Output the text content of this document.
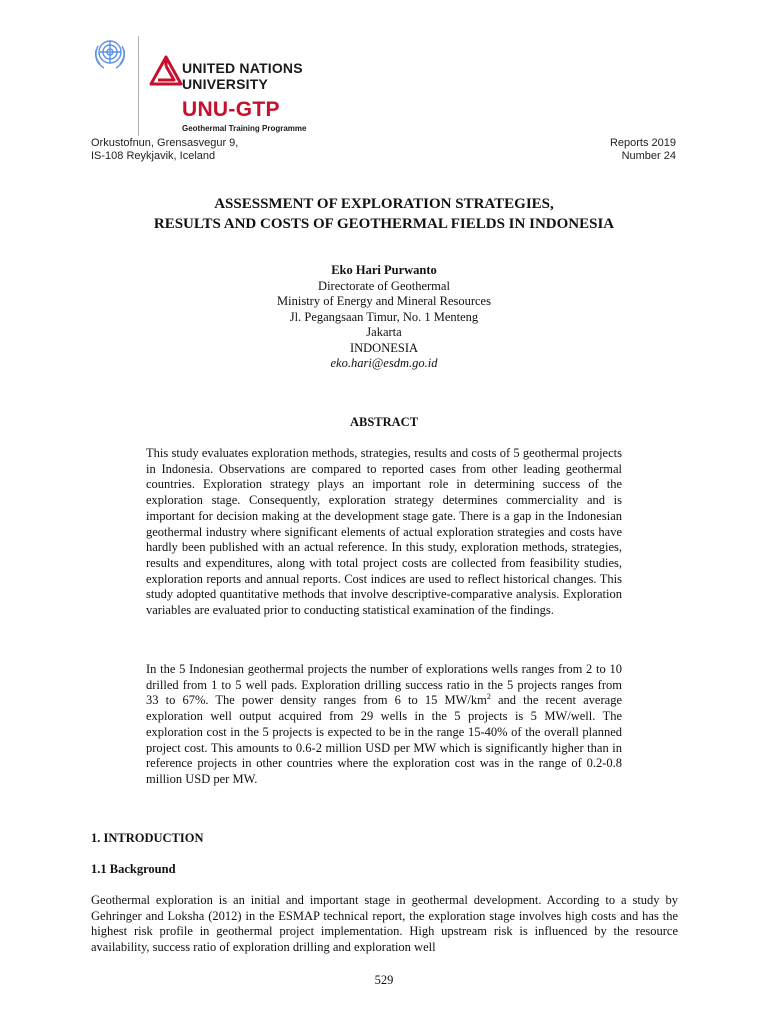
UNITED NATIONS
UNIVERSITY
UNU-GTP
Geothermal Training Programme
Orkustofnun, Grensasvegur 9,
IS-108 Reykjavik, Iceland
Reports 2019
Number 24
ASSESSMENT OF EXPLORATION STRATEGIES,
RESULTS AND COSTS OF GEOTHERMAL FIELDS IN INDONESIA
Eko Hari Purwanto
Directorate of Geothermal
Ministry of Energy and Mineral Resources
Jl. Pegangsaan Timur, No. 1 Menteng
Jakarta
INDONESIA
eko.hari@esdm.go.id
ABSTRACT
This study evaluates exploration methods, strategies, results and costs of 5 geothermal projects in Indonesia. Observations are compared to reported cases from other leading geothermal countries. Exploration strategy plays an important role in determining success of the exploration stage. Consequently, exploration strategy determines commerciality and is important for decision making at the development stage gate. There is a gap in the Indonesian geothermal industry where significant elements of actual exploration strategies and costs have hardly been published with an actual reference. In this study, exploration methods, strategies, results and expenditures, along with total project costs are collected from feasibility studies, exploration reports and annual reports. Cost indices are used to reflect historical changes. This study adopted quantitative methods that involve descriptive-comparative analysis. Exploration variables are evaluated prior to conducting statistical examination of the findings.
In the 5 Indonesian geothermal projects the number of explorations wells ranges from 2 to 10 drilled from 1 to 5 well pads. Exploration drilling success ratio in the 5 projects ranges from 33 to 67%. The power density ranges from 6 to 15 $MW/km^2$ and the recent average exploration well output acquired from 29 wells in the 5 projects is 5 MW/well. The exploration cost in the 5 projects is expected to be in the range 15-40% of the overall planned project cost. This amounts to 0.6-2 million USD per MW which is significantly higher than in reference projects in other countries where the exploration cost was in the range of 0.2-0.8 million USD per MW.
1. INTRODUCTION
1.1 Background
Geothermal exploration is an initial and important stage in geothermal development. According to a study by Gehringer and Loksha (2012) in the ESMAP technical report, the exploration stage involves high costs and has the highest risk profile in geothermal project implementation. High upstream risk is influenced by the resource availability, success ratio of exploration drilling and exploration well
529
